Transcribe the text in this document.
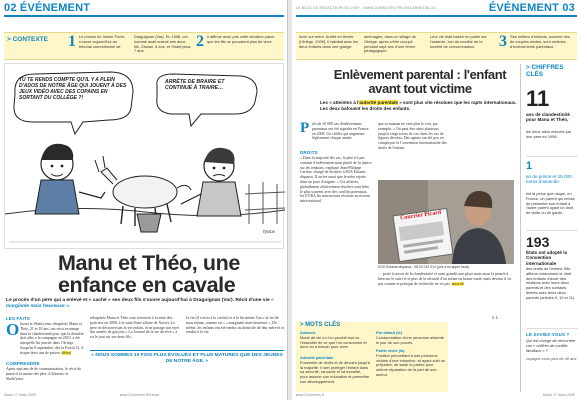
02 ÉVÉNEMENT
> CONTEXTE 1 Le procès de Xavier Fortin s'ouvre aujourd'hui au tribunal correctionnel de
Draguignan (Var). En 1998, cet homme avait enlevé ses deux fils, Okwari, 8 ans, et Shahi'yena, 7 ans.
2 Il affirme avoir pris cette décision parce que les fils ne pouvaient plus de vivre
TU TE RENDS COMPTE QU'IL Y A PLEIN D'ADOS DE NOTRE ÂGE QUI JOUENT À DES JEUX VIDÉO AVEC DES COPAINS EN SORTANT DU COLLÈGE ?!
ARRÊTE DE BRAIRE ET CONTINUE À TRAIRE…
Tyclus
Manu et Théo, une enfance en cavale
Le procès d'un père qui a enlevé et « caché » ses deux fils s'ouvre aujourd'hui à Draguignan (Var). Récit d'une vie « marginale mais heureuse ».
LES FAITS
O kwari et Shahi'yena, rebaptisés Manu et Théo, 21 et 18 ans, ont vécu en marge dans la clandestinité pour que la dernière doit aller a la campagne en 2010, a été interpellé fin janvier dans l'Ariège. Jusqu'au 9 septembre, des la Fortin 31, il risque deux ans de prison. défaut
COMPRENDRE
Après sept ans de de communication, le récit du passé et la nature des père «Clément» et Shahi'yena
rebaptisés Manu et Théo sont retrouvés à la suite des policiers en 2008, à la suite d'une affaire de Xavier. Le père ne découvre pas la vie enfant, et ne partage son rejet des années de garçons « Le Journal de la vie du rêve » a vu le jour sur ses deux fils.
la vie (il a écrit à la crèche) et à la fin mérite l'un « la vie de mon enfant, comme on » « marginale mais heureuse ». De même, les enfants ont été rendus au domicile de leur mère et et rendus à la vie.
« NOUS SOMMES 10 FOIS PLUS ÉVOLUÉS ET PLUS MATURES QUE DES JEUNES DE NOTRE ÂGE. »
Mardi 17 mars 2009	www.20minutes.fr/france
LE BLOG DU RÉDACTEUR EN CHEF - WWW.20MINUTES.FR/LESCARNET/BLOG	ÉVÉNEMENT 03
lever sur mère. Arrêté en février (l'Ariège, 2009), il habitait avec les deux enfants dans une grange
aménagée, dans un village de l'Ariège, après s'être occupé pendant sept ans d'une ferme pédagogique.
Leur vie était basée en partie sur l'autarcie, loin du modèle de la société de consommation.	3 Ses milliers d'enfants, souvent nés de couples mixtes, sont victimes d'enlèvements parentaux.
Enlèvement parental : l'enfant avant tout victime
Les « atteintes à l'autorité parentale » sont plus vite résolues que les rapts internationaux. Les deux bafouent les droits des enfants.
P rès de 10 000 cas d'enlèvements parentaux ont été signalés en France en 2008. Un chiffre qui augmente légèrement chaque année.
DROITS
« Dans la majorité des cas, le père n'a pas commis d'enlèvement mais plutôt de la justice sur les tensions, explique Jean-Philippe Cardon, chargé de dossiers à SOS Enfants disparus. Il arrive aussi que le mère rejette dans un pays d'origine. » Ces affaires, globalement relativement résolues sont liées le plus souvent avec des conflits parentaux, les EVRA les instructions résolues au niveau intra-national.
que sa maman ne veut plus le voir, par exemple. » On peut être ainsi plusieurs jusqu'à vingt sortes de cas, dans les cas de figures décrites. Des agents ont été pris en compte par la Convention internationale des droits de l'enfant.
Courrier Picard
SOS Enfants disparus : 08 20 012 014 (prix d'un appel local).
… porté à savoir de la clandestinité et avait grandit une place mais aussi la pensée à bien sur le suivi et le plus de la sécurité d'un enfant en bonne santé, mais devenu il vit pas comme et pratique de recherche ne vit pas. autorité
S. L.
> MOTS CLÉS
Autarcie
Mode de vie où l'on produit tout ce l'essentiel de ce que l'on consomme et donc on a besoin pour vivre.
Autorité parentale
Ensemble de droits et de devoirs jusqu'à la majorité. Il sert protéger l'enfant dans sa sécurité, sa santé et sa moralité, pour assurer son éducation et permettre son développement.
Par défaut (lé)
Condamnation d'une personne absente le jour de son procès.
Partie civile (la)
Position permettant à une personne victime d'une infraction, et ayant subi un préjudice, de saisir la justice pour obtenir réparation de la part de son auteur.
> CHIFFRES CLÉS
11
ans de clandestinité pour Manu et Théo,
les deux ados enlevés par leur père en 1998.
1
an de prison et 15 000 euros d'amende
est la peine que risque, en France, un parent qui refuse de présenter son enfant à l'autre parent ayant un droit de visite ou de garde.
193
États ont adopté la Convention internationale
des droits de l'enfant. Elle affirme notamment le droit des enfants d'avoir des relations avec leurs deux parents et des contacts directs avec leurs deux parents (articles 9, 10 et 11).
LE SAVIEZ-VOUS ?
Qui est chargé de rencontrer ces « chiffres de conflits familiaux » ?
voyagez-vous plus de 40 ans
www.20minutes.fr	Mardi 17 mars 2009
